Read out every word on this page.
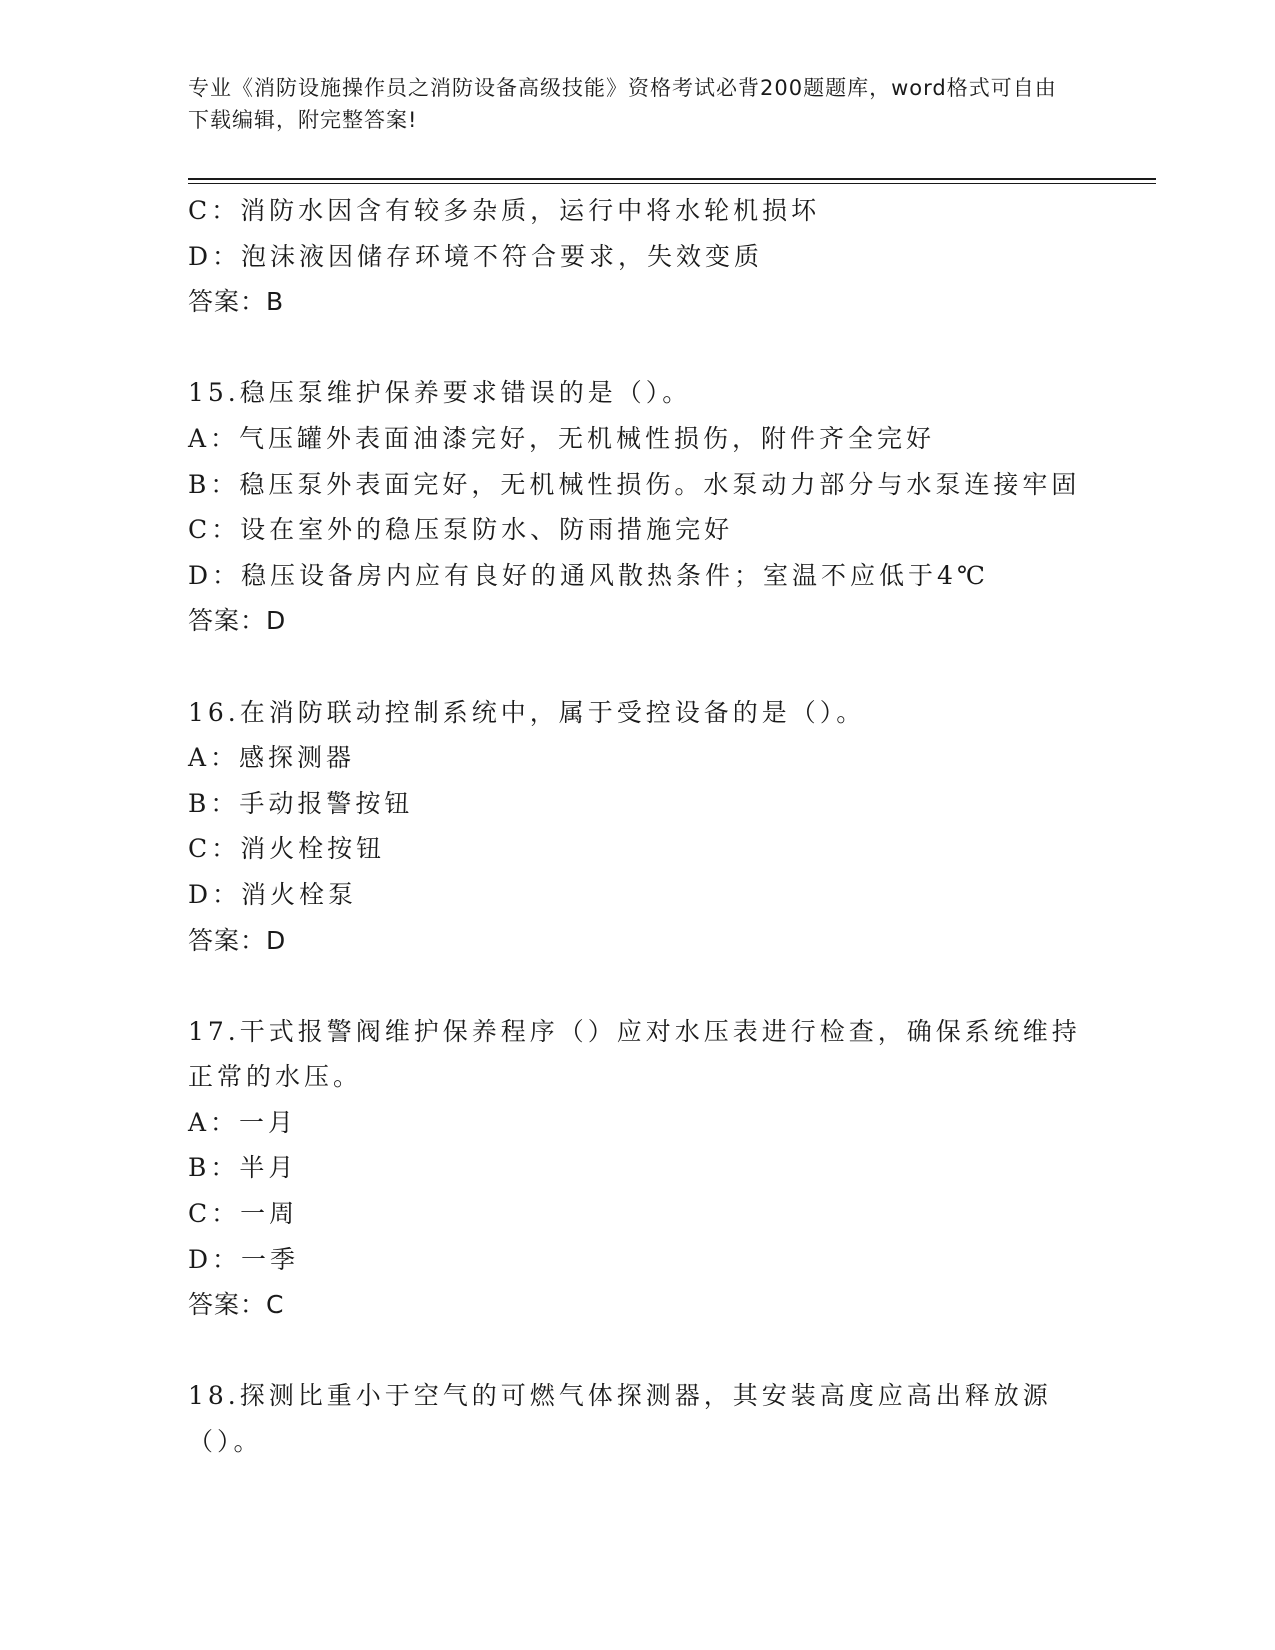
专业《消防设施操作员之消防设备高级技能》资格考试必背200题题库，word格式可自由下载编辑，附完整答案!
C：消防水因含有较多杂质，运行中将水轮机损坏
D：泡沫液因储存环境不符合要求，失效变质
答案：B
15.稳压泵维护保养要求错误的是（）。
A：气压罐外表面油漆完好，无机械性损伤，附件齐全完好
B：稳压泵外表面完好，无机械性损伤。水泵动力部分与水泵连接牢固
C：设在室外的稳压泵防水、防雨措施完好
D：稳压设备房内应有良好的通风散热条件；室温不应低于4℃
答案：D
16.在消防联动控制系统中，属于受控设备的是（）。
A：感探测器
B：手动报警按钮
C：消火栓按钮
D：消火栓泵
答案：D
17.干式报警阀维护保养程序（）应对水压表进行检查，确保系统维持正常的水压。
A：一月
B：半月
C：一周
D：一季
答案：C
18.探测比重小于空气的可燃气体探测器，其安装高度应高出释放源（）。
